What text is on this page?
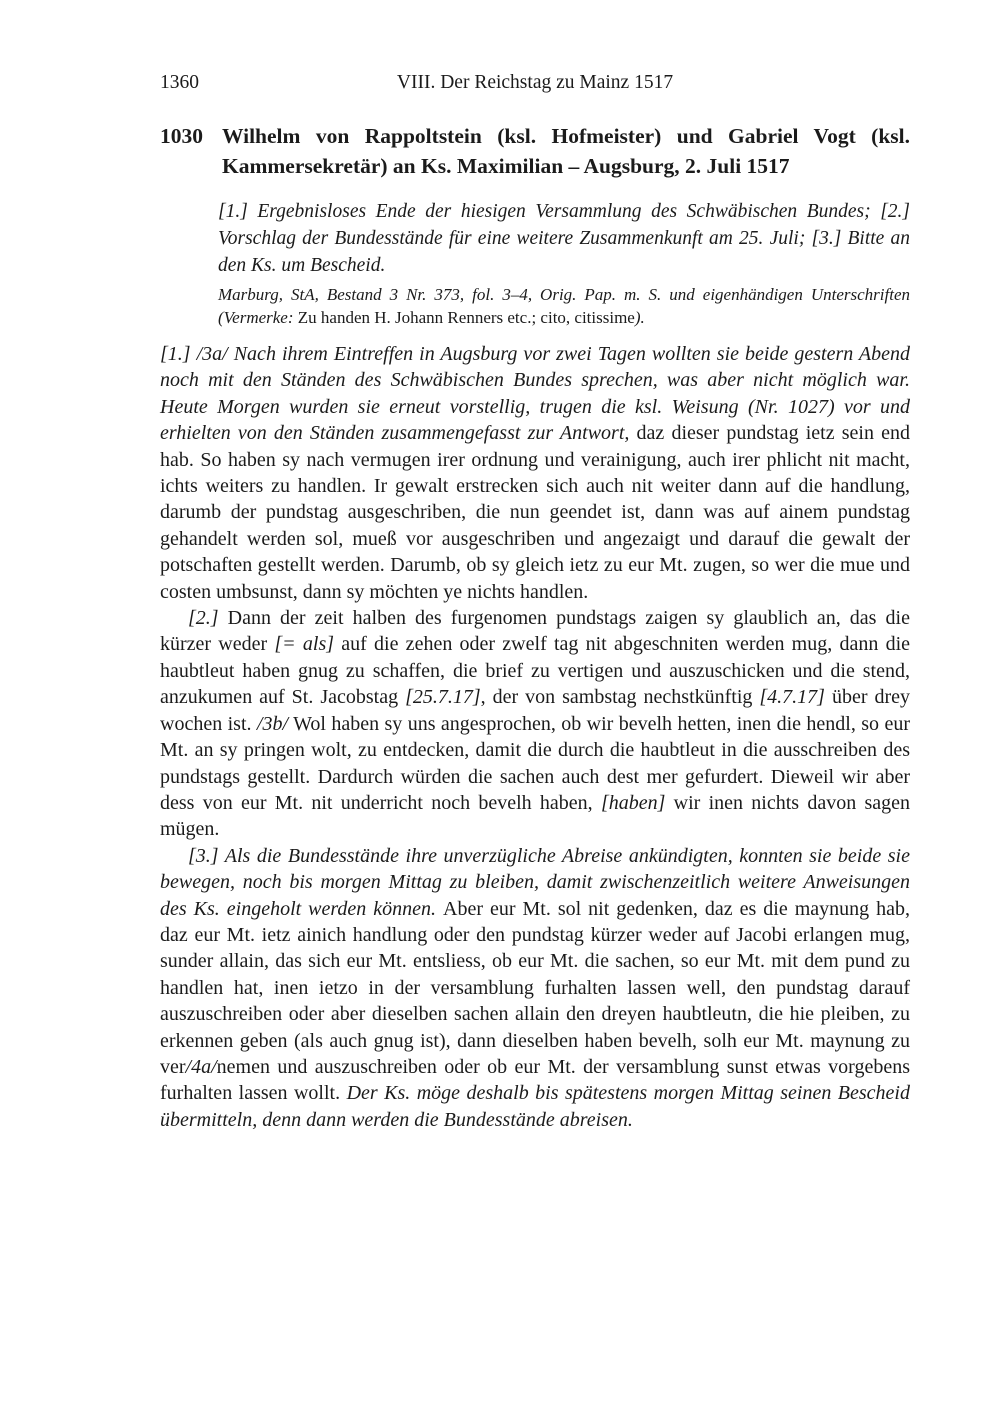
1360	VIII. Der Reichstag zu Mainz 1517
1030 Wilhelm von Rappoltstein (ksl. Hofmeister) und Gabriel Vogt (ksl. Kammersekretär) an Ks. Maximilian – Augsburg, 2. Juli 1517
[1.] Ergebnisloses Ende der hiesigen Versammlung des Schwäbischen Bundes; [2.] Vorschlag der Bundesstände für eine weitere Zusammenkunft am 25. Juli; [3.] Bitte an den Ks. um Bescheid.
Marburg, StA, Bestand 3 Nr. 373, fol. 3–4, Orig. Pap. m. S. und eigenhändigen Unterschriften (Vermerke: Zu handen H. Johann Renners etc.; cito, citissime).

[1.] /3a/ Nach ihrem Eintreffen in Augsburg vor zwei Tagen wollten sie beide gestern Abend noch mit den Ständen des Schwäbischen Bundes sprechen, was aber nicht möglich war. Heute Morgen wurden sie erneut vorstellig, trugen die ksl. Weisung (Nr. 1027) vor und erhielten von den Ständen zusammengefasst zur Antwort, daz dieser pundstag ietz sein end hab. So haben sy nach vermugen irer ordnung und verainigung, auch irer phlicht nit macht, ichts weiters zu handlen. Ir gewalt erstrecken sich auch nit weiter dann auf die handlung, darumb der pundstag ausgeschriben, die nun geendet ist, dann was auf ainem pundstag gehandelt werden sol, mueß vor ausgeschriben und angezaigt und darauf die gewalt der potschaften gestellt werden. Darumb, ob sy gleich ietz zu eur Mt. zugen, so wer die mue und costen umbsunst, dann sy möchten ye nichts handlen.

[2.] Dann der zeit halben des furgenomen pundstags zaigen sy glaublich an, das die kürzer weder [= als] auf die zehen oder zwelf tag nit abgeschniten werden mug, dann die haubtleut haben gnug zu schaffen, die brief zu vertigen und auszuschicken und die stend, anzukumen auf St. Jacobstag [25.7.17], der von sambstag nechstkünftig [4.7.17] über drey wochen ist. /3b/ Wol haben sy uns angesprochen, ob wir bevelh hetten, inen die hendl, so eur Mt. an sy pringen wolt, zu entdecken, damit die durch die haubtleut in die ausschreiben des pundstags gestellt. Dardurch würden die sachen auch dest mer gefurdert. Dieweil wir aber dess von eur Mt. nit underricht noch bevelh haben, [haben] wir inen nichts davon sagen mügen.

[3.] Als die Bundesstände ihre unverzügliche Abreise ankündigten, konnten sie beide sie bewegen, noch bis morgen Mittag zu bleiben, damit zwischenzeitlich weitere Anweisungen des Ks. eingeholt werden können. Aber eur Mt. sol nit gedenken, daz es die maynung hab, daz eur Mt. ietz ainich handlung oder den pundstag kürzer weder auf Jacobi erlangen mug, sunder allain, das sich eur Mt. entsliess, ob eur Mt. die sachen, so eur Mt. mit dem pund zu handlen hat, inen ietzo in der versamblung furhalten lassen well, den pundstag darauf auszuschreiben oder aber dieselben sachen allain den dreyen haubtleutn, die hie pleiben, zu erkennen geben (als auch gnug ist), dann dieselben haben bevelh, solh eur Mt. maynung zu ver/4a/nemen und auszuschreiben oder ob eur Mt. der versamblung sunst etwas vorgebens furhalten lassen wollt. Der Ks. möge deshalb bis spätestens morgen Mittag seinen Bescheid übermitteln, denn dann werden die Bundesstände abreisen.
